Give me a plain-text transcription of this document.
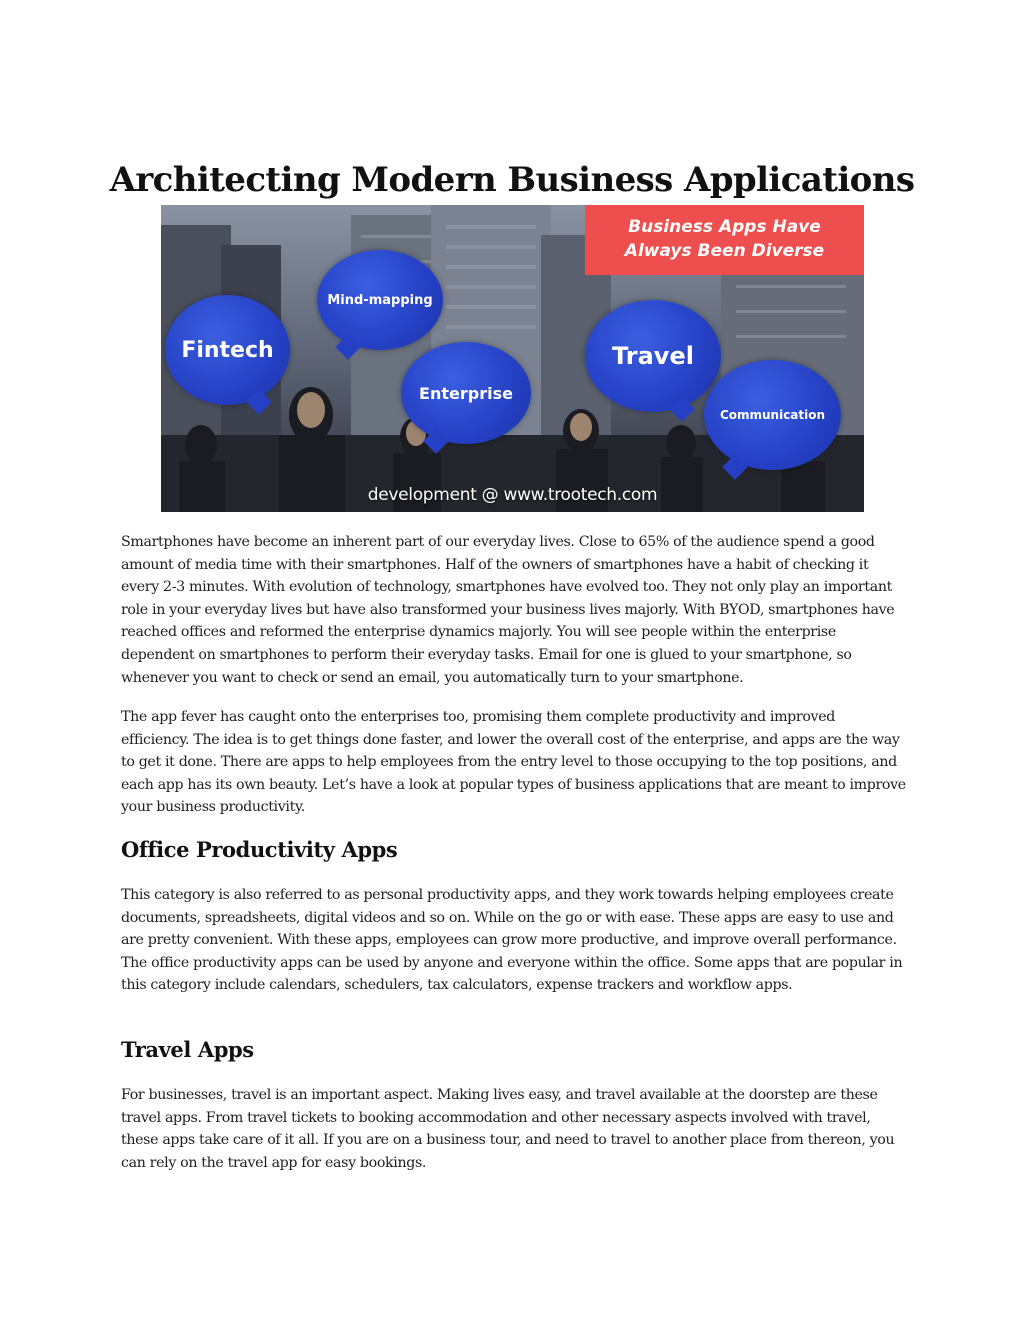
Architecting Modern Business Applications
Business Apps Have
Always Been Diverse
Fintech
Mind-mapping
Enterprise
Travel
Communication
development @ www.trootech.com

Smartphones have become an inherent part of our everyday lives. Close to 65% of the audience spend a good amount of media time with their smartphones. Half of the owners of smartphones have a habit of checking it every 2-3 minutes. With evolution of technology, smartphones have evolved too. They not only play an important role in your everyday lives but have also transformed your business lives majorly. With BYOD, smartphones have reached offices and reformed the enterprise dynamics majorly. You will see people within the enterprise dependent on smartphones to perform their everyday tasks. Email for one is glued to your smartphone, so whenever you want to check or send an email, you automatically turn to your smartphone.

The app fever has caught onto the enterprises too, promising them complete productivity and improved efficiency. The idea is to get things done faster, and lower the overall cost of the enterprise, and apps are the way to get it done. There are apps to help employees from the entry level to those occupying to the top positions, and each app has its own beauty. Let’s have a look at popular types of business applications that are meant to improve your business productivity.

Office Productivity Apps

This category is also referred to as personal productivity apps, and they work towards helping employees create documents, spreadsheets, digital videos and so on. While on the go or with ease. These apps are easy to use and are pretty convenient. With these apps, employees can grow more productive, and improve overall performance. The office productivity apps can be used by anyone and everyone within the office. Some apps that are popular in this category include calendars, schedulers, tax calculators, expense trackers and workflow apps.

Travel Apps

For businesses, travel is an important aspect. Making lives easy, and travel available at the doorstep are these travel apps. From travel tickets to booking accommodation and other necessary aspects involved with travel, these apps take care of it all. If you are on a business tour, and need to travel to another place from thereon, you can rely on the travel app for easy bookings.
